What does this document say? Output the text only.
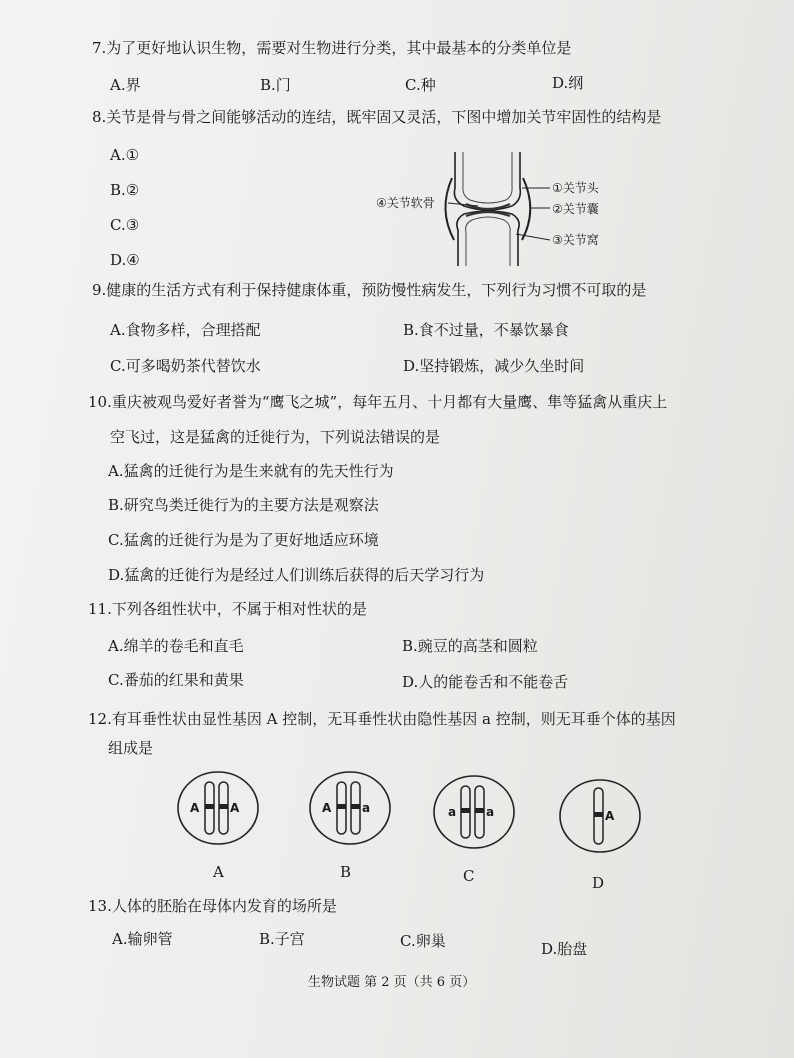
7.为了更好地认识生物，需要对生物进行分类，其中最基本的分类单位是
A.界	B.门	C.种	D.纲
8.关节是骨与骨之间能够活动的连结，既牢固又灵活，下图中增加关节牢固性的结构是
A.①
B.②
C.③
D.④
①关节头
②关节囊
③关节窝
④关节软骨
9.健康的生活方式有利于保持健康体重，预防慢性病发生，下列行为习惯不可取的是
A.食物多样，合理搭配	B.食不过量，不暴饮暴食
C.可多喝奶茶代替饮水	D.坚持锻炼，减少久坐时间
10.重庆被观鸟爱好者誉为“鹰飞之城”，每年五月、十月都有大量鹰、隼等猛禽从重庆上
空飞过，这是猛禽的迁徙行为，下列说法错误的是
A.猛禽的迁徙行为是生来就有的先天性行为
B.研究鸟类迁徙行为的主要方法是观察法
C.猛禽的迁徙行为是为了更好地适应环境
D.猛禽的迁徙行为是经过人们训练后获得的后天学习行为
11.下列各组性状中，不属于相对性状的是
A.绵羊的卷毛和直毛	B.豌豆的高茎和圆粒
C.番茄的红果和黄果	D.人的能卷舌和不能卷舌
12.有耳垂性状由显性基因 A 控制，无耳垂性状由隐性基因 a 控制，则无耳垂个体的基因
组成是
A	A	A	a	a a	A
A	B	C	D
13.人体的胚胎在母体内发育的场所是
A.输卵管	B.子宫	C.卵巢	D.胎盘
生物试题 第 2 页（共 6 页）
